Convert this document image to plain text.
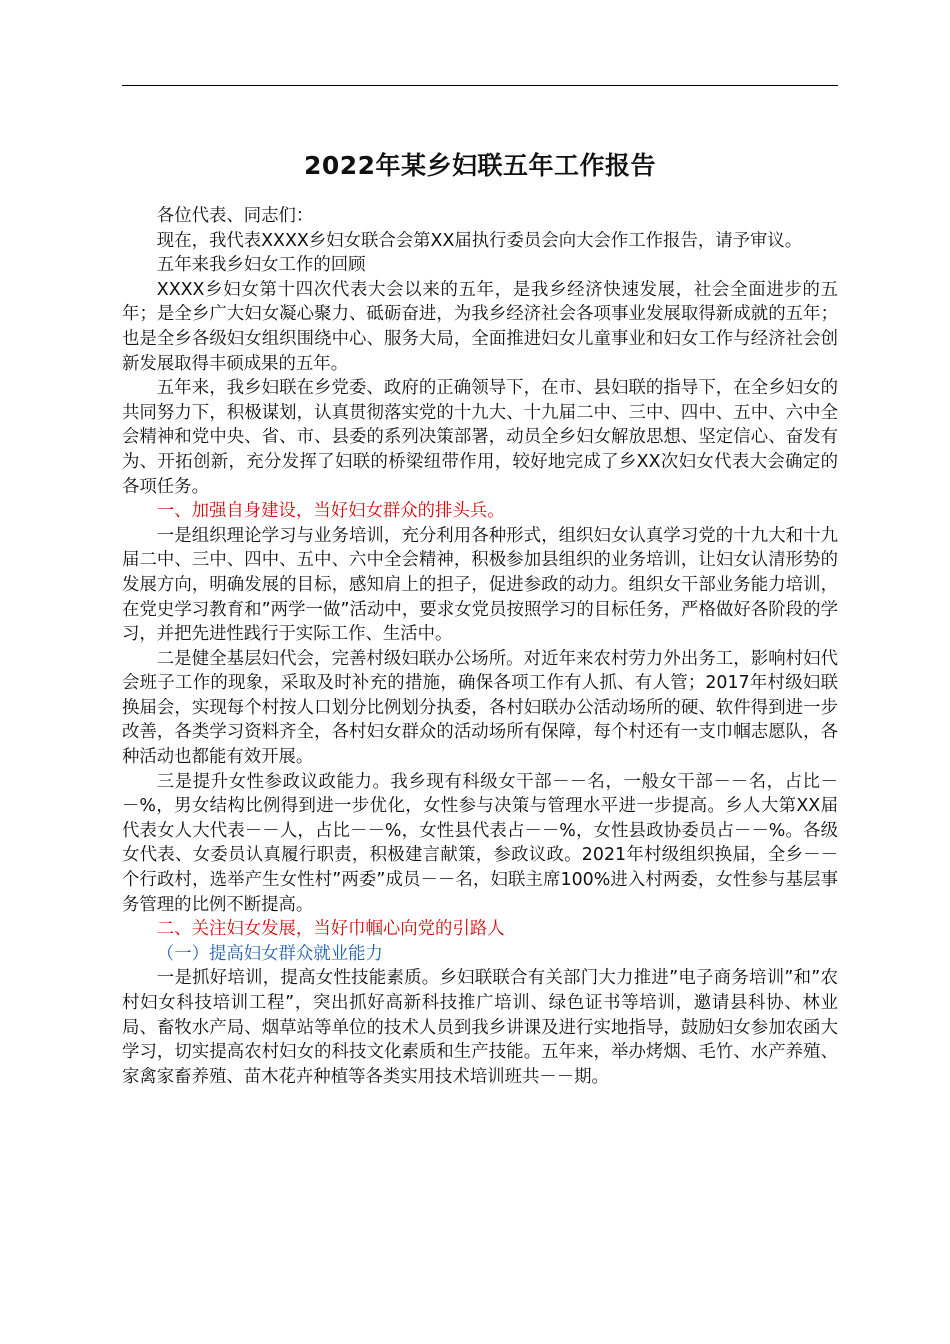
2022年某乡妇联五年工作报告

各位代表、同志们：

现在，我代表XXXX乡妇女联合会第XX届执行委员会向大会作工作报告，请予审议。

五年来我乡妇女工作的回顾

XXXX乡妇女第十四次代表大会以来的五年，是我乡经济快速发展，社会全面进步的五年；是全乡广大妇女凝心聚力、砥砺奋进，为我乡经济社会各项事业发展取得新成就的五年；也是全乡各级妇女组织围绕中心、服务大局，全面推进妇女儿童事业和妇女工作与经济社会创新发展取得丰硕成果的五年。

五年来，我乡妇联在乡党委、政府的正确领导下，在市、县妇联的指导下，在全乡妇女的共同努力下，积极谋划，认真贯彻落实党的十九大、十九届二中、三中、四中、五中、六中全会精神和党中央、省、市、县委的系列决策部署，动员全乡妇女解放思想、坚定信心、奋发有为、开拓创新，充分发挥了妇联的桥梁纽带作用，较好地完成了乡XX次妇女代表大会确定的各项任务。

一、加强自身建设，当好妇女群众的排头兵。

一是组织理论学习与业务培训，充分利用各种形式，组织妇女认真学习党的十九大和十九届二中、三中、四中、五中、六中全会精神，积极参加县组织的业务培训，让妇女认清形势的发展方向，明确发展的目标，感知肩上的担子，促进参政的动力。组织女干部业务能力培训，在党史学习教育和”两学一做”活动中，要求女党员按照学习的目标任务，严格做好各阶段的学习，并把先进性践行于实际工作、生活中。

二是健全基层妇代会，完善村级妇联办公场所。对近年来农村劳力外出务工，影响村妇代会班子工作的现象，采取及时补充的措施，确保各项工作有人抓、有人管；2017年村级妇联换届会，实现每个村按人口划分比例划分执委，各村妇联办公活动场所的硬、软件得到进一步改善，各类学习资料齐全，各村妇女群众的活动场所有保障，每个村还有一支巾帼志愿队，各种活动也都能有效开展。

三是提升女性参政议政能力。我乡现有科级女干部－－名，一般女干部－－名，占比－－%，男女结构比例得到进一步优化，女性参与决策与管理水平进一步提高。乡人大第XX届代表女人大代表－－人，占比－－%，女性县代表占－－%，女性县政协委员占－－%。各级女代表、女委员认真履行职责，积极建言献策，参政议政。2021年村级组织换届，全乡－－个行政村，选举产生女性村”两委”成员－－名，妇联主席100%进入村两委，女性参与基层事务管理的比例不断提高。

二、关注妇女发展，当好巾帼心向党的引路人

（一）提高妇女群众就业能力

一是抓好培训，提高女性技能素质。乡妇联联合有关部门大力推进”电子商务培训”和”农村妇女科技培训工程”，突出抓好高新科技推广培训、绿色证书等培训，邀请县科协、林业局、畜牧水产局、烟草站等单位的技术人员到我乡讲课及进行实地指导，鼓励妇女参加农函大学习，切实提高农村妇女的科技文化素质和生产技能。五年来，举办烤烟、毛竹、水产养殖、家禽家畜养殖、苗木花卉种植等各类实用技术培训班共－－期。
